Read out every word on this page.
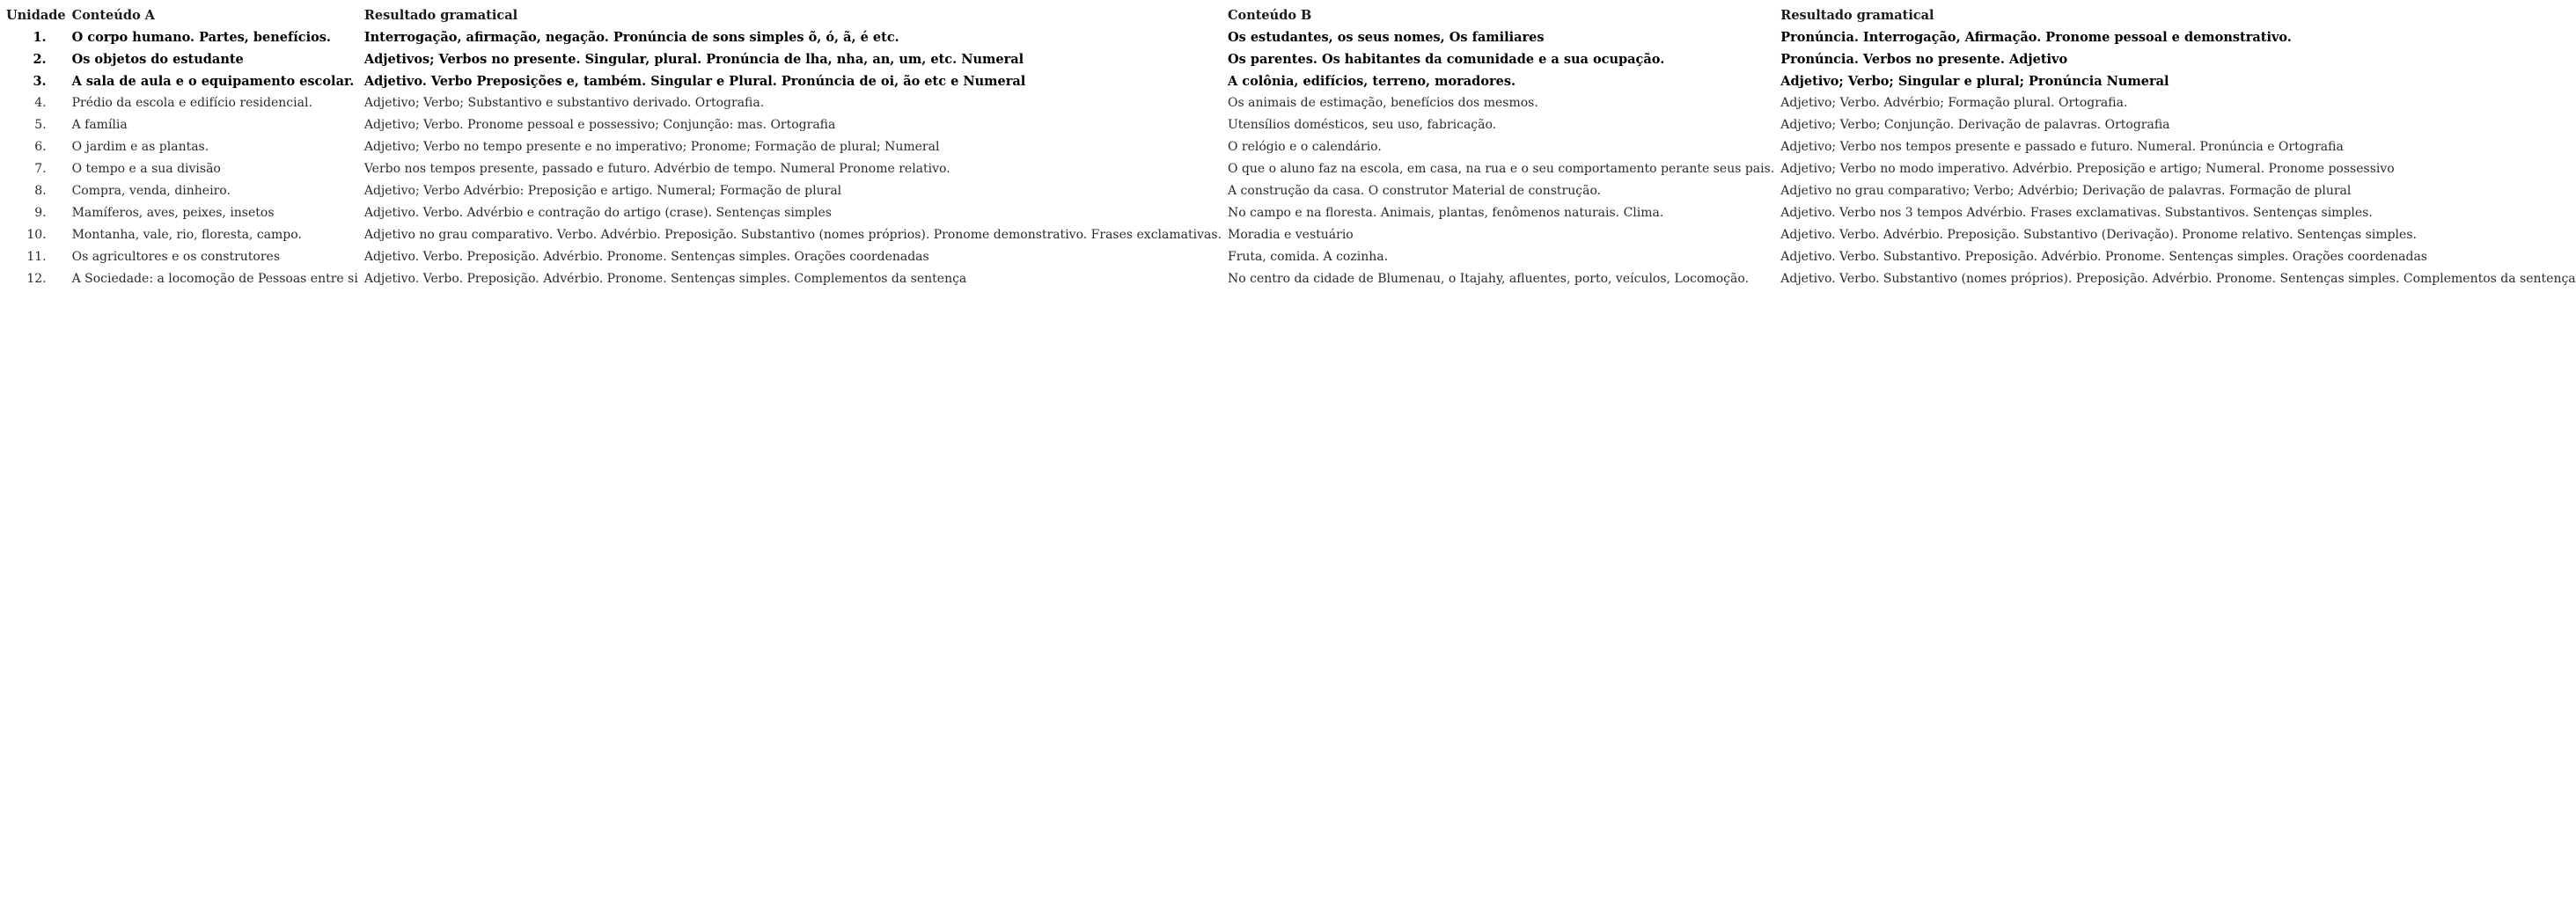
Unidade	Conteúdo A	Resultado gramatical	Conteúdo B	Resultado gramatical
1.	O corpo humano. Partes, benefícios.	Interrogação, afirmação, negação. Pronúncia de sons simples õ, ó, ã, é etc.	Os estudantes, os seus nomes, Os familiares	Pronúncia. Interrogação, Afirmação. Pronome pessoal e demonstrativo.
2.	Os objetos do estudante	Adjetivos; Verbos no presente. Singular, plural. Pronúncia de lha, nha, an, um, etc. Numeral	Os parentes. Os habitantes da comunidade e a sua ocupação.	Pronúncia. Verbos no presente. Adjetivo
3.	A sala de aula e o equipamento escolar.	Adjetivo. Verbo Preposições e, também. Singular e Plural. Pronúncia de oi, ão etc e Numeral	A colônia, edifícios, terreno, moradores.	Adjetivo; Verbo; Singular e plural; Pronúncia Numeral
4.	Prédio da escola e edifício residencial.	Adjetivo; Verbo; Substantivo e substantivo derivado. Ortografia.	Os animais de estimação, benefícios dos mesmos.	Adjetivo; Verbo. Advérbio; Formação plural. Ortografia.
5.	A família	Adjetivo; Verbo. Pronome pessoal e possessivo; Conjunção: mas. Ortografia	Utensílios domésticos, seu uso, fabricação.	Adjetivo; Verbo; Conjunção. Derivação de palavras. Ortografia
6.	O jardim e as plantas.	Adjetivo; Verbo no tempo presente e no imperativo; Pronome; Formação de plural; Numeral	O relógio e o calendário.	Adjetivo; Verbo nos tempos presente e passado e futuro. Numeral. Pronúncia e Ortografia
7.	O tempo e a sua divisão	Verbo nos tempos presente, passado e futuro. Advérbio de tempo. Numeral Pronome relativo.	O que o aluno faz na escola, em casa, na rua e o seu comportamento perante seus pais.	Adjetivo; Verbo no modo imperativo. Advérbio. Preposição e artigo; Numeral. Pronome possessivo
8.	Compra, venda, dinheiro.	Adjetivo; Verbo Advérbio: Preposição e artigo. Numeral; Formação de plural	A construção da casa. O construtor Material de construção.	Adjetivo no grau comparativo; Verbo; Advérbio; Derivação de palavras. Formação de plural
9.	Mamíferos, aves, peixes, insetos	Adjetivo. Verbo. Advérbio e contração do artigo (crase). Sentenças simples	No campo e na floresta. Animais, plantas, fenômenos naturais. Clima.	Adjetivo. Verbo nos 3 tempos Advérbio. Frases exclamativas. Substantivos. Sentenças simples.
10.	Montanha, vale, rio, floresta, campo.	Adjetivo no grau comparativo. Verbo. Advérbio. Preposição. Substantivo (nomes próprios). Pronome demonstrativo. Frases exclamativas.	Moradia e vestuário	Adjetivo. Verbo. Advérbio. Preposição. Substantivo (Derivação). Pronome relativo. Sentenças simples.
11.	Os agricultores e os construtores	Adjetivo. Verbo. Preposição. Advérbio. Pronome. Sentenças simples. Orações coordenadas	Fruta, comida. A cozinha.	Adjetivo. Verbo. Substantivo. Preposição. Advérbio. Pronome. Sentenças simples. Orações coordenadas
12.	A Sociedade: a locomoção de Pessoas entre si	Adjetivo. Verbo. Preposição. Advérbio. Pronome. Sentenças simples. Complementos da sentença	No centro da cidade de Blumenau, o Itajahy, afluentes, porto, veículos, Locomoção.	Adjetivo. Verbo. Substantivo (nomes próprios). Preposição. Advérbio. Pronome. Sentenças simples. Complementos da sentença
